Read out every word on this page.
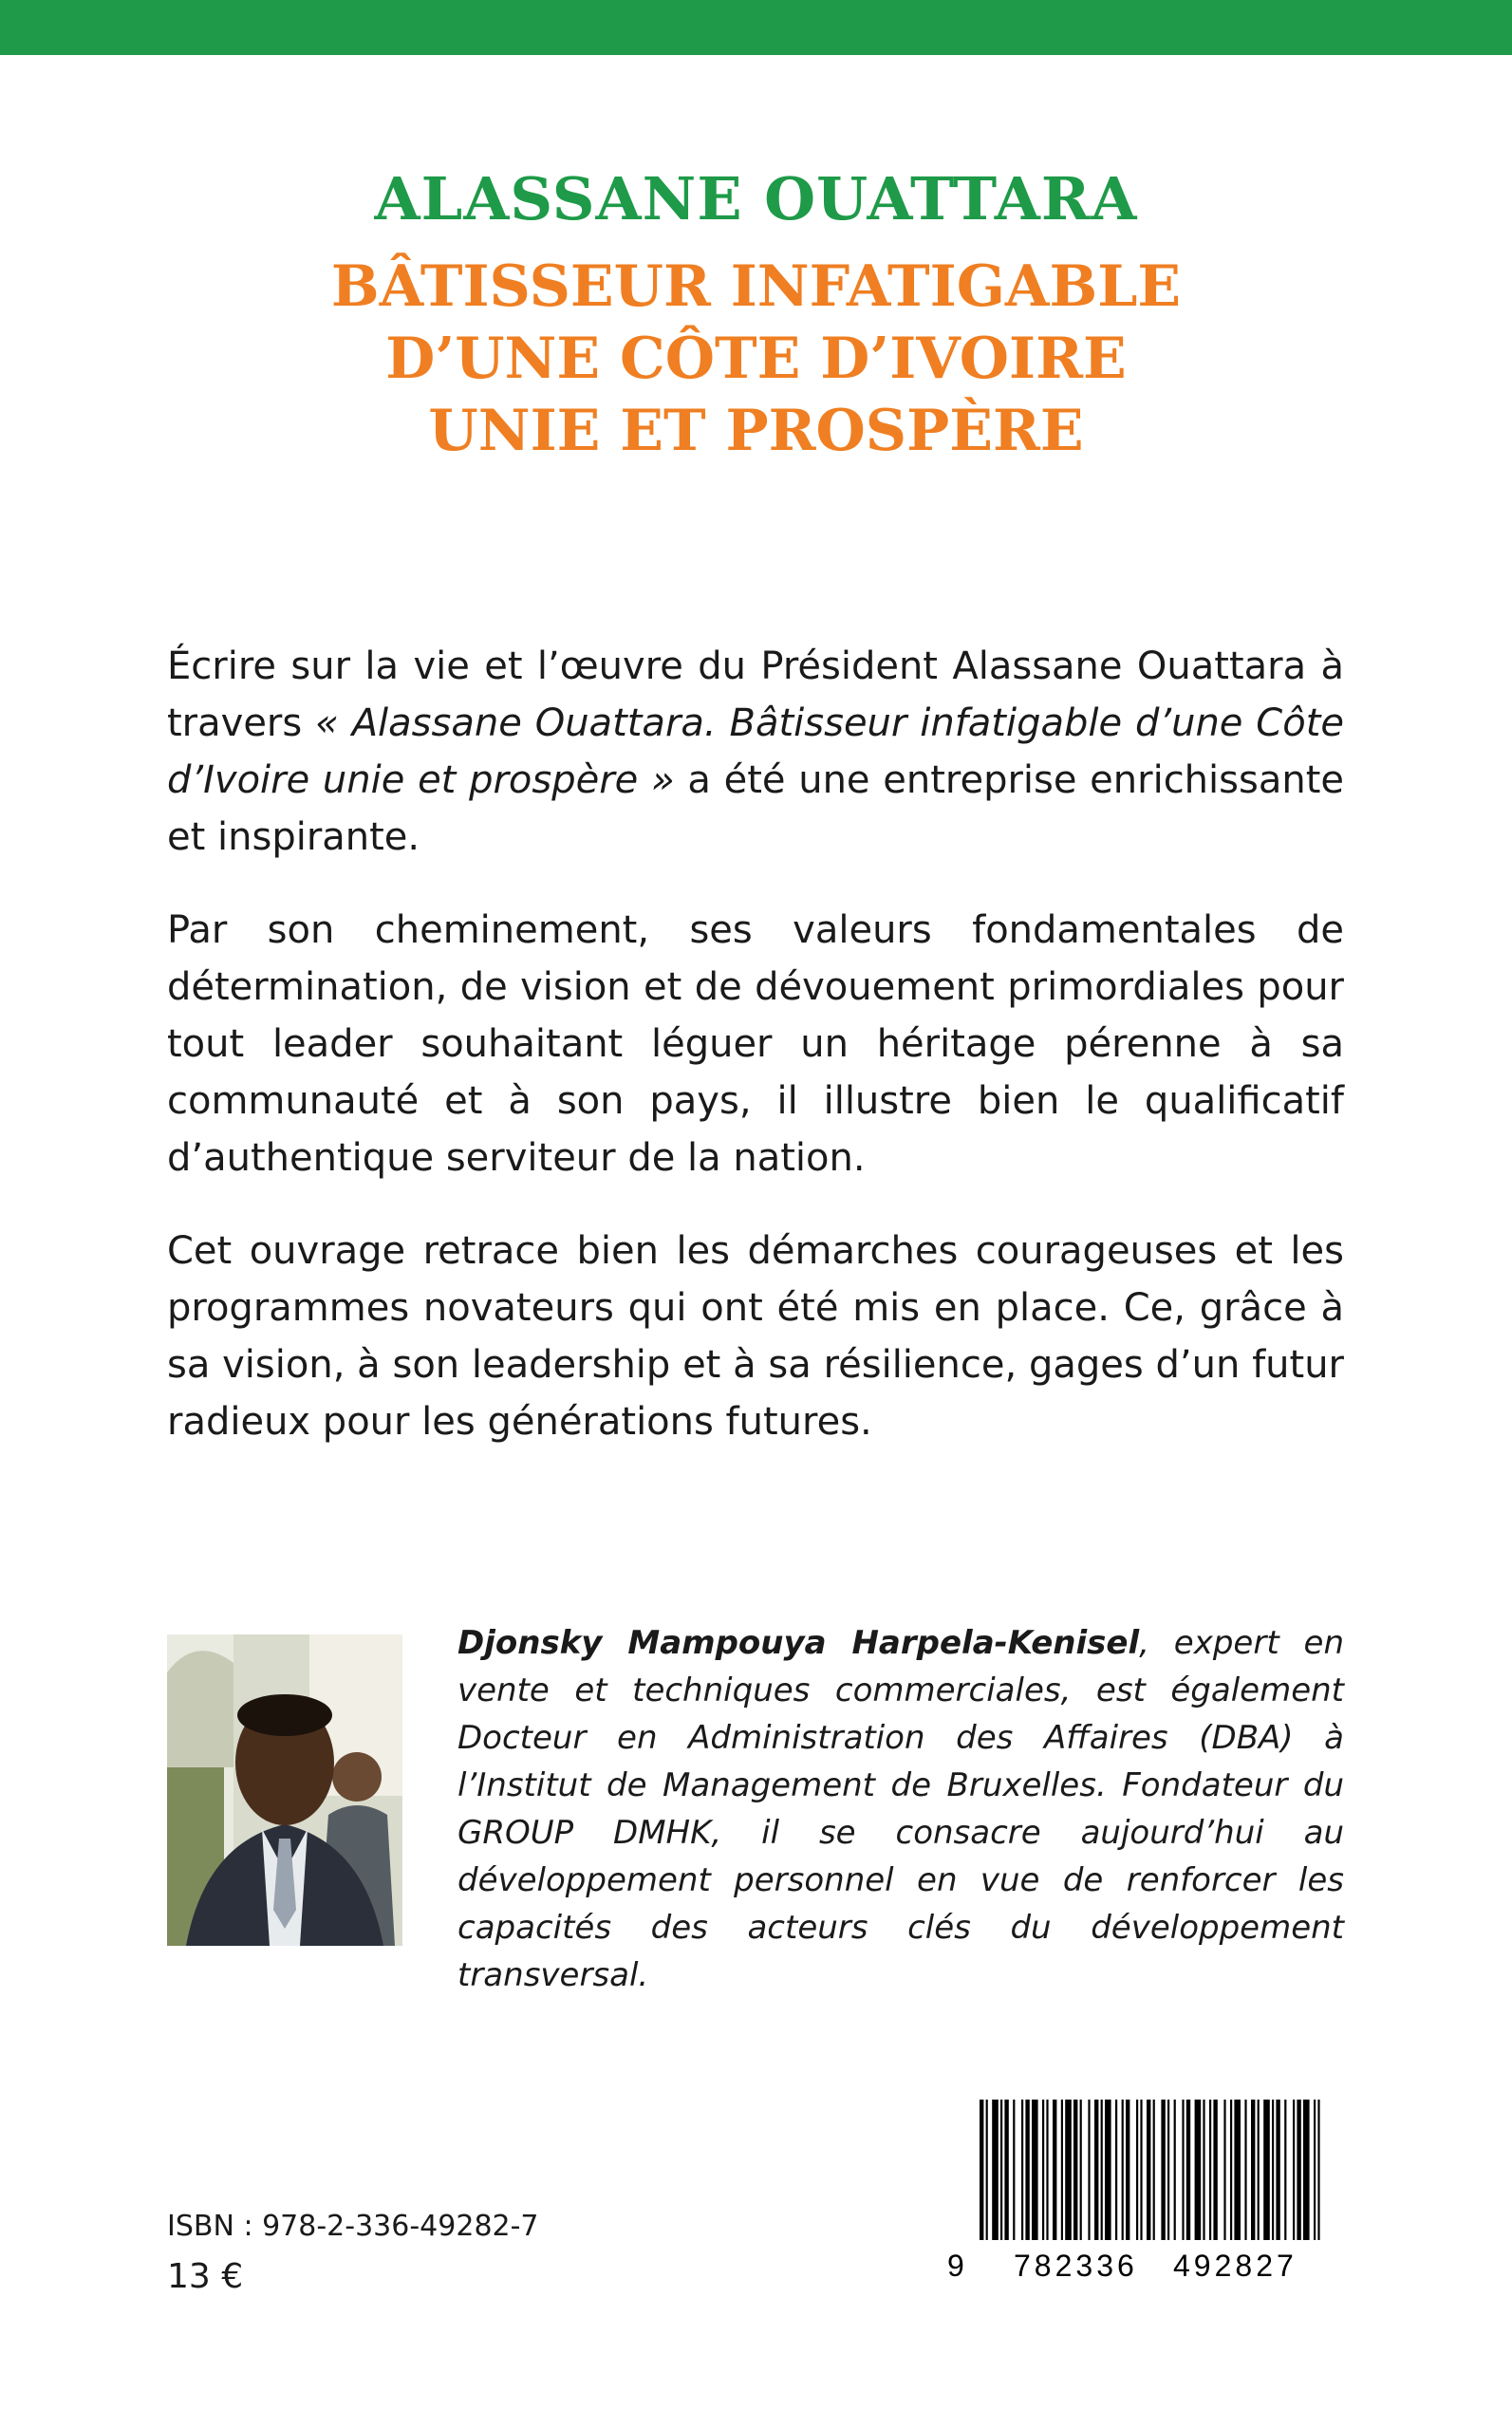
ALASSANE OUATTARA
BÂTISSEUR INFATIGABLE
D’UNE CÔTE D’IVOIRE
UNIE ET PROSPÈRE

Écrire sur la vie et l’œuvre du Président Alassane Ouattara à travers « Alassane Ouattara. Bâtisseur infatigable d’une Côte d’Ivoire unie et prospère » a été une entreprise enrichissante et inspirante.

Par son cheminement, ses valeurs fondamentales de détermination, de vision et de dévouement primordiales pour tout leader souhaitant léguer un héritage pérenne à sa communauté et à son pays, il illustre bien le qualificatif d’authentique serviteur de la nation.

Cet ouvrage retrace bien les démarches courageuses et les programmes novateurs qui ont été mis en place. Ce, grâce à sa vision, à son leadership et à sa résilience, gages d’un futur radieux pour les générations futures.

Djonsky Mampouya Harpela-Kenisel, expert en vente et techniques commerciales, est également Docteur en Administration des Affaires (DBA) à l’Institut de Management de Bruxelles. Fondateur du GROUP DMHK, il se consacre aujourd’hui au développement personnel en vue de renforcer les capacités des acteurs clés du développement transversal.
ISBN : 978-2-336-49282-7
13 €	9 782336 492827
